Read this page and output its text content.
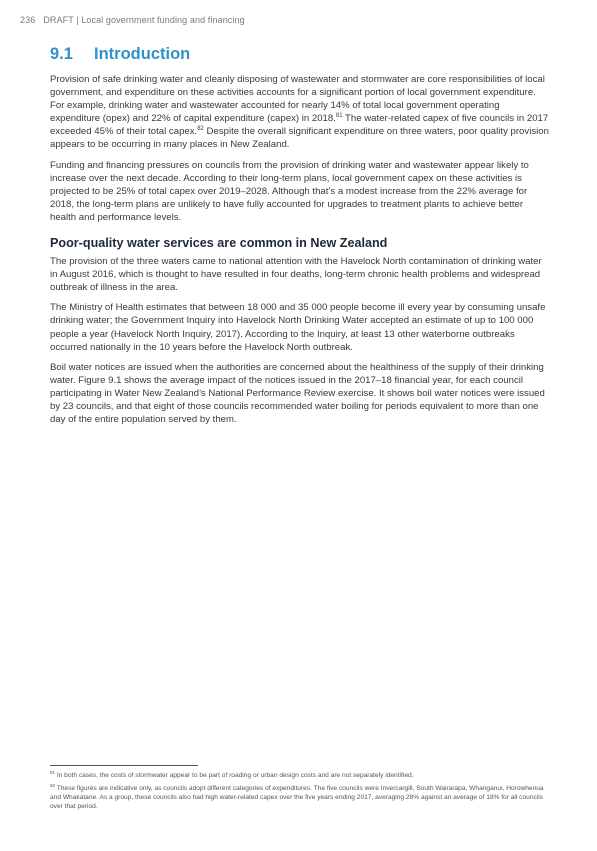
236 DRAFT | Local government funding and financing
9.1 Introduction

Provision of safe drinking water and cleanly disposing of wastewater and stormwater are core responsibilities of local government, and expenditure on these activities accounts for a significant portion of local government expenditure. For example, drinking water and wastewater accounted for nearly 14% of total local government operating expenditure (opex) and 22% of capital expenditure (capex) in 2018.81 The water-related capex of five councils in 2017 exceeded 45% of their total capex.$^{82}$ Despite the overall significant expenditure on three waters, poor quality provision appears to be occurring in many places in New Zealand.

Funding and financing pressures on councils from the provision of drinking water and wastewater appear likely to increase over the next decade. According to their long-term plans, local government capex on these activities is projected to be 25% of total capex over 2019–2028. Although that’s a modest increase from the 22% average for 2018, the long-term plans are unlikely to have fully accounted for upgrades to treatment plants to achieve better health and performance levels.

Poor-quality water services are common in New Zealand

The provision of the three waters came to national attention with the Havelock North contamination of drinking water in August 2016, which is thought to have resulted in four deaths, long-term chronic health problems and widespread outbreak of illness in the area.

The Ministry of Health estimates that between 18 000 and 35 000 people become ill every year by consuming unsafe drinking water; the Government Inquiry into Havelock North Drinking Water accepted an estimate of up to 100 000 people a year (Havelock North Inquiry, 2017). According to the Inquiry, at least 13 other waterborne outbreaks occurred nationally in the 10 years before the Havelock North outbreak.

Boil water notices are issued when the authorities are concerned about the healthiness of the supply of their drinking water. Figure 9.1 shows the average impact of the notices issued in the 2017–18 financial year, for each council participating in Water New Zealand’s National Performance Review exercise. It shows boil water notices were issued by 23 councils, and that eight of those councils recommended water boiling for periods equivalent to more than one day of the entire population served by them.

$^{81}$ In both cases, the costs of stormwater appear to be part of roading or urban design costs and are not separately identified.

$^{82}$ These figures are indicative only, as councils adopt different categories of expenditures. The five councils were Invercargill, South Wairarapa, Whanganui, Horowhenua and Whakatane. As a group, these councils also had high water-related capex over the five years ending 2017, averaging 28% against an average of 18% for all councils over that period.
